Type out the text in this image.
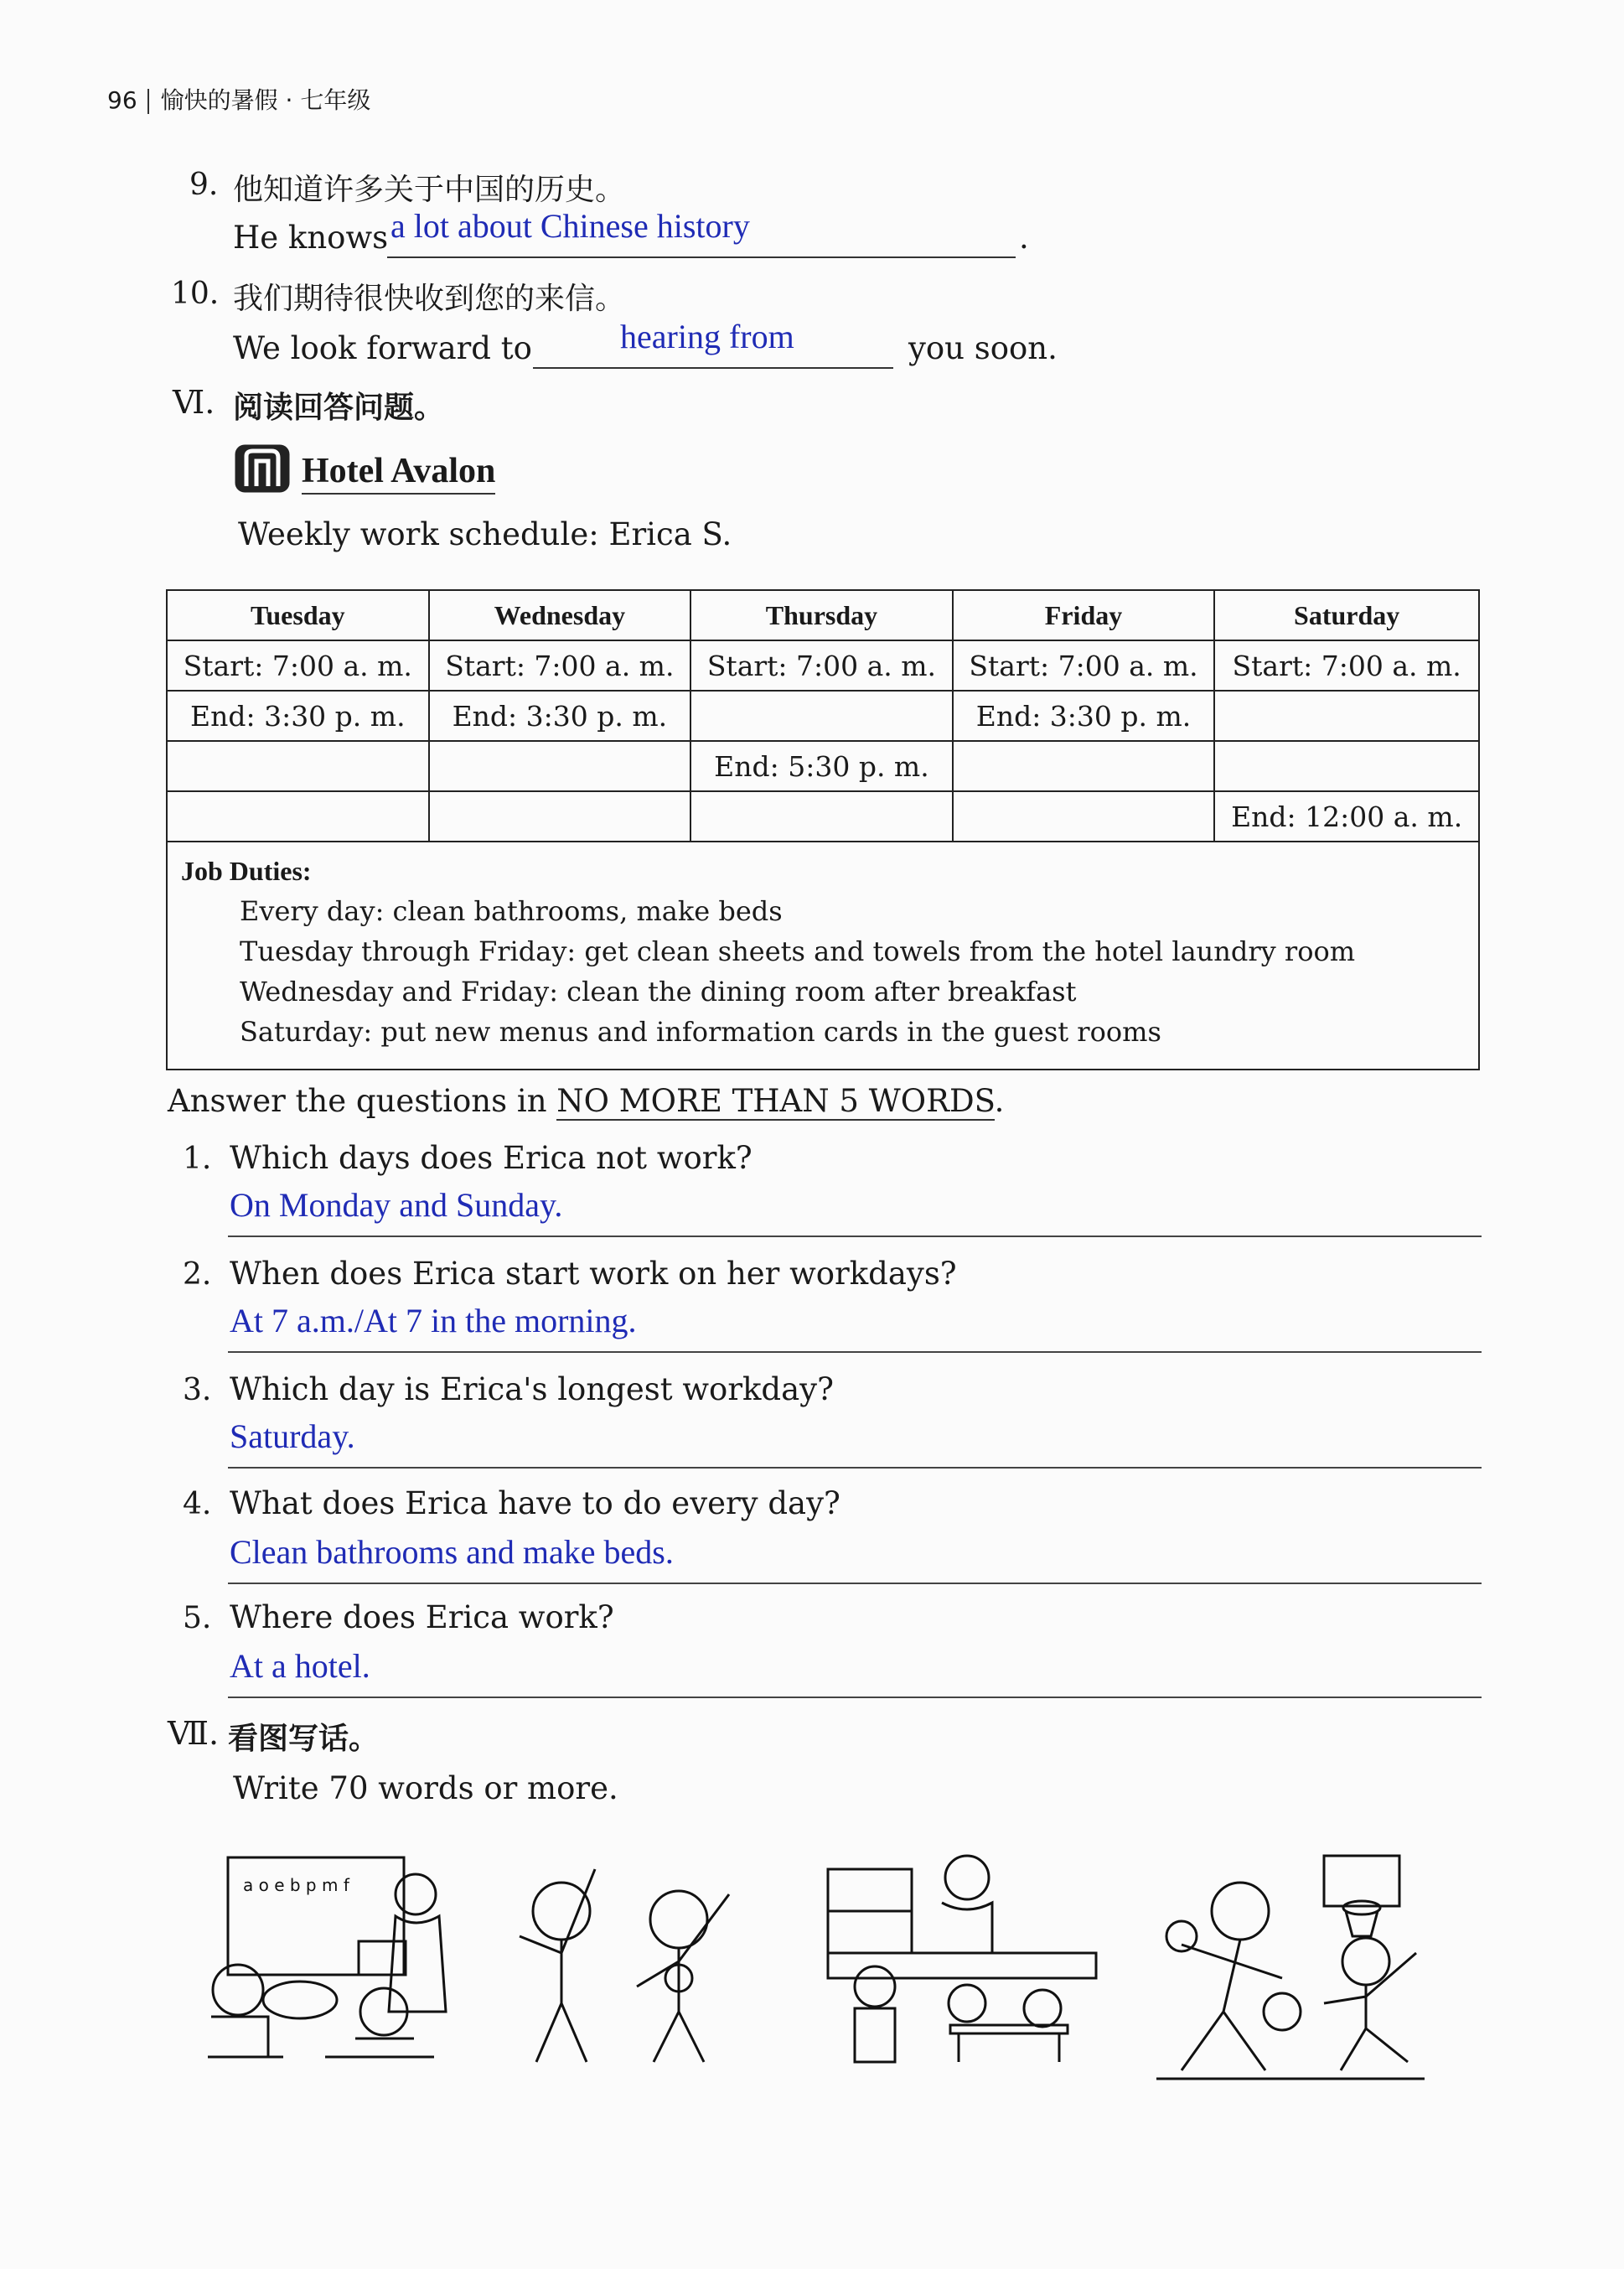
96 愉快的暑假 · 七年级
9. 他知道许多关于中国的历史。
He knows a lot about Chinese history	.
10. 我们期待很快收到您的来信。
We look forward to	hearing from	you soon.
Ⅵ. 阅读回答问题。
Hotel Avalon
Weekly work schedule: Erica S.
Tuesday	Wednesday	Thursday	Friday	Saturday
Start: 7:00 a. m.	Start: 7:00 a. m.	Start: 7:00 a. m.	Start: 7:00 a. m.	Start: 7:00 a. m.
End: 3:30 p. m.	End: 3:30 p. m.		End: 3:30 p. m.	
		End: 5:30 p. m.		
				End: 12:00 a. m.

Job Duties:
Every day: clean bathrooms, make beds
Tuesday through Friday: get clean sheets and towels from the hotel laundry room
Wednesday and Friday: clean the dining room after breakfast
Saturday: put new menus and information cards in the guest rooms				
Answer the questions in NO MORE THAN 5 WORDS.
1. Which days does Erica not work?
On Monday and Sunday.
2. When does Erica start work on her workdays?
At 7 a.m./At 7 in the morning.
3. Which day is Erica's longest workday?
Saturday.
4. What does Erica have to do every day?
Clean bathrooms and make beds.
5. Where does Erica work?
At a hotel.
Ⅶ. 看图写话。
Write 70 words or more.
a o e b p m f
